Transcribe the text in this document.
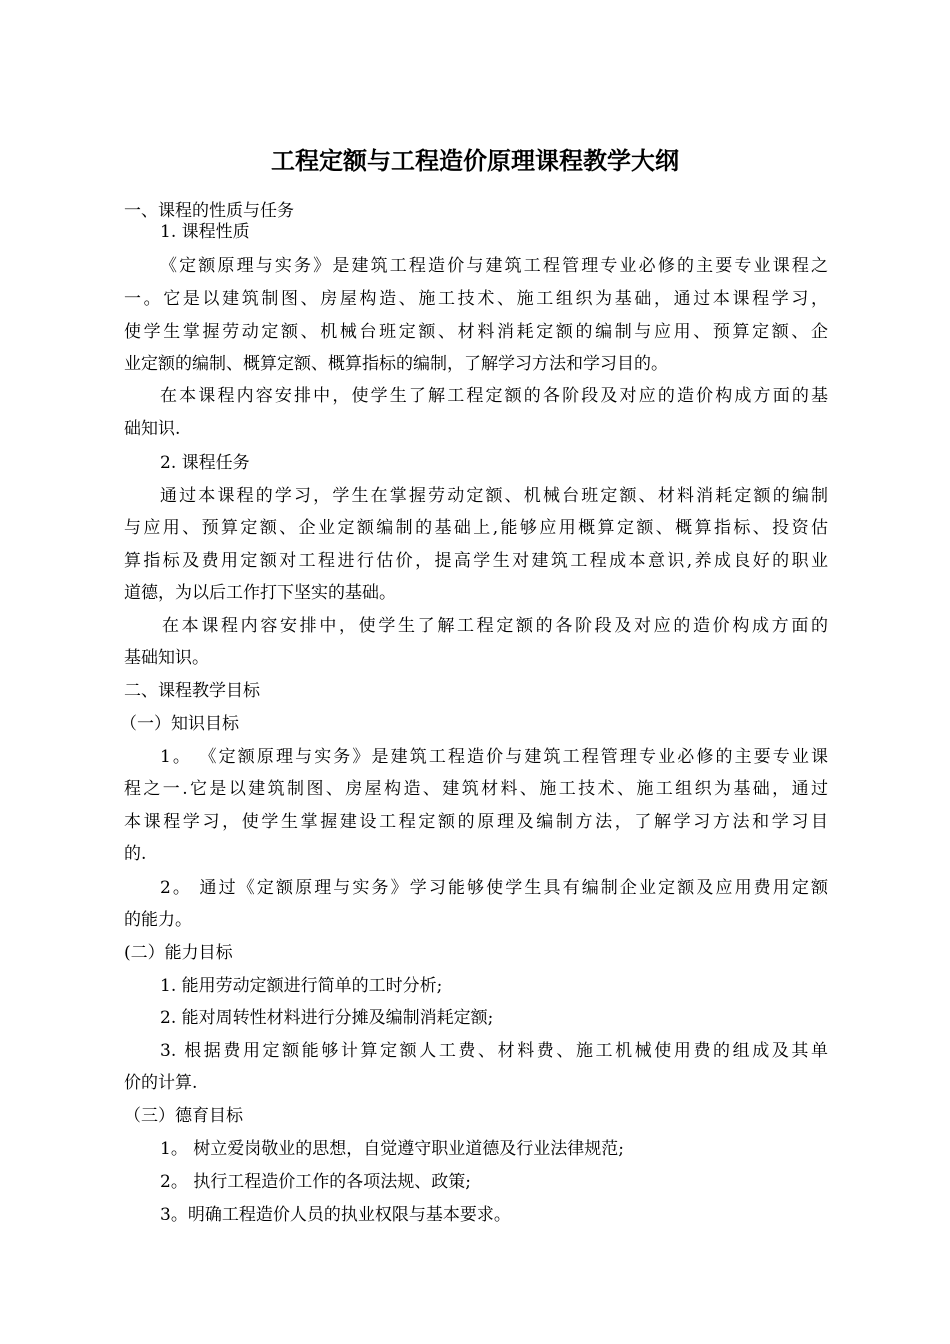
工程定额与工程造价原理课程教学大纲
一、课程的性质与任务
1. 课程性质
《定额原理与实务》是建筑工程造价与建筑工程管理专业必修的主要专业课程之
一。它是以建筑制图、房屋构造、施工技术、施工组织为基础，通过本课程学习，
使学生掌握劳动定额、机械台班定额、材料消耗定额的编制与应用、预算定额、企
业定额的编制、概算定额、概算指标的编制，了解学习方法和学习目的。
在本课程内容安排中，使学生了解工程定额的各阶段及对应的造价构成方面的基
础知识.
2. 课程任务
通过本课程的学习，学生在掌握劳动定额、机械台班定额、材料消耗定额的编制
与应用、预算定额、企业定额编制的基础上,能够应用概算定额、概算指标、投资估
算指标及费用定额对工程进行估价，提高学生对建筑工程成本意识,养成良好的职业
道德，为以后工作打下坚实的基础。
在本课程内容安排中，使学生了解工程定额的各阶段及对应的造价构成方面的
基础知识。
二、课程教学目标
（一）知识目标
1。 《定额原理与实务》是建筑工程造价与建筑工程管理专业必修的主要专业课
程之一.它是以建筑制图、房屋构造、建筑材料、施工技术、施工组织为基础，通过
本课程学习，使学生掌握建设工程定额的原理及编制方法，了解学习方法和学习目
的.
2。 通过《定额原理与实务》学习能够使学生具有编制企业定额及应用费用定额
的能力。
(二）能力目标
1. 能用劳动定额进行简单的工时分析;
2. 能对周转性材料进行分摊及编制消耗定额;
3. 根据费用定额能够计算定额人工费、材料费、施工机械使用费的组成及其单
价的计算.
（三）德育目标
1。 树立爱岗敬业的思想，自觉遵守职业道德及行业法律规范;
2。 执行工程造价工作的各项法规、政策;
3。明确工程造价人员的执业权限与基本要求。
